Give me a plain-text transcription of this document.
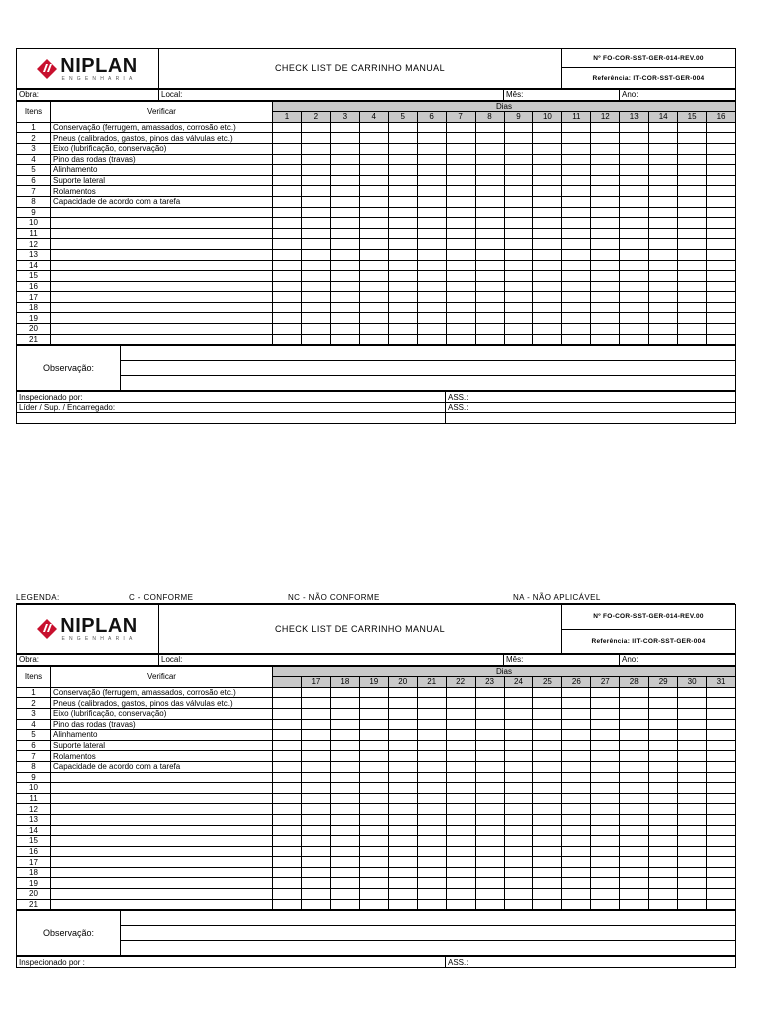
NIPLAN
ENGENHARIA
	CHECK LIST DE CARRINHO MANUAL	Nº FO-COR-SST-GER-014-REV.00
Referência: IT-COR-SST-GER-004
Obra:	Local:	Mês:	Ano:
Itens	Verificar	Dias															
		1	2	3	4	5	6	7	8	9	10	11	12	13	14	15	16
1	Conservação (ferrugem, amassados, corrosão etc.)																
2	Pneus (calibrados, gastos, pinos das válvulas etc.)																
3	Eixo (lubrificação, conservação)																
4	Pino das rodas (travas)																
5	Alinhamento																
6	Suporte lateral																
7	Rolamentos																
8	Capacidade de acordo com a tarefa																
9																	
10																	
11																	
12																	
13																	
14																	
15																	
16																	
17																	
18																	
19																	
20																	
21																	
Observação:	

Inspecionado por:	ASS.:
Líder / Sup. / Encarregado:	ASS.:

LEGENDA:	C - CONFORME	NC - NÃO CONFORME	NA - NÃO APLICÁVEL
NIPLAN
ENGENHARIA
	CHECK LIST DE CARRINHO MANUAL	Nº FO-COR-SST-GER-014-REV.00
Referência: IIT-COR-SST-GER-004
Obra:	Local:	Mês:	Ano:
Itens	Verificar	Dias															
			17	18	19	20	21	22	23	24	25	26	27	28	29	30	31
1	Conservação (ferrugem, amassados, corrosão etc.)																
2	Pneus (calibrados, gastos, pinos das válvulas etc.)																
3	Eixo (lubrificação, conservação)																
4	Pino das rodas (travas)																
5	Alinhamento																
6	Suporte lateral																
7	Rolamentos																
8	Capacidade de acordo com a tarefa																
9																	
10																	
11																	
12																	
13																	
14																	
15																	
16																	
17																	
18																	
19																	
20																	
21																	
Observação:	

Inspecionado por :	ASS.:
